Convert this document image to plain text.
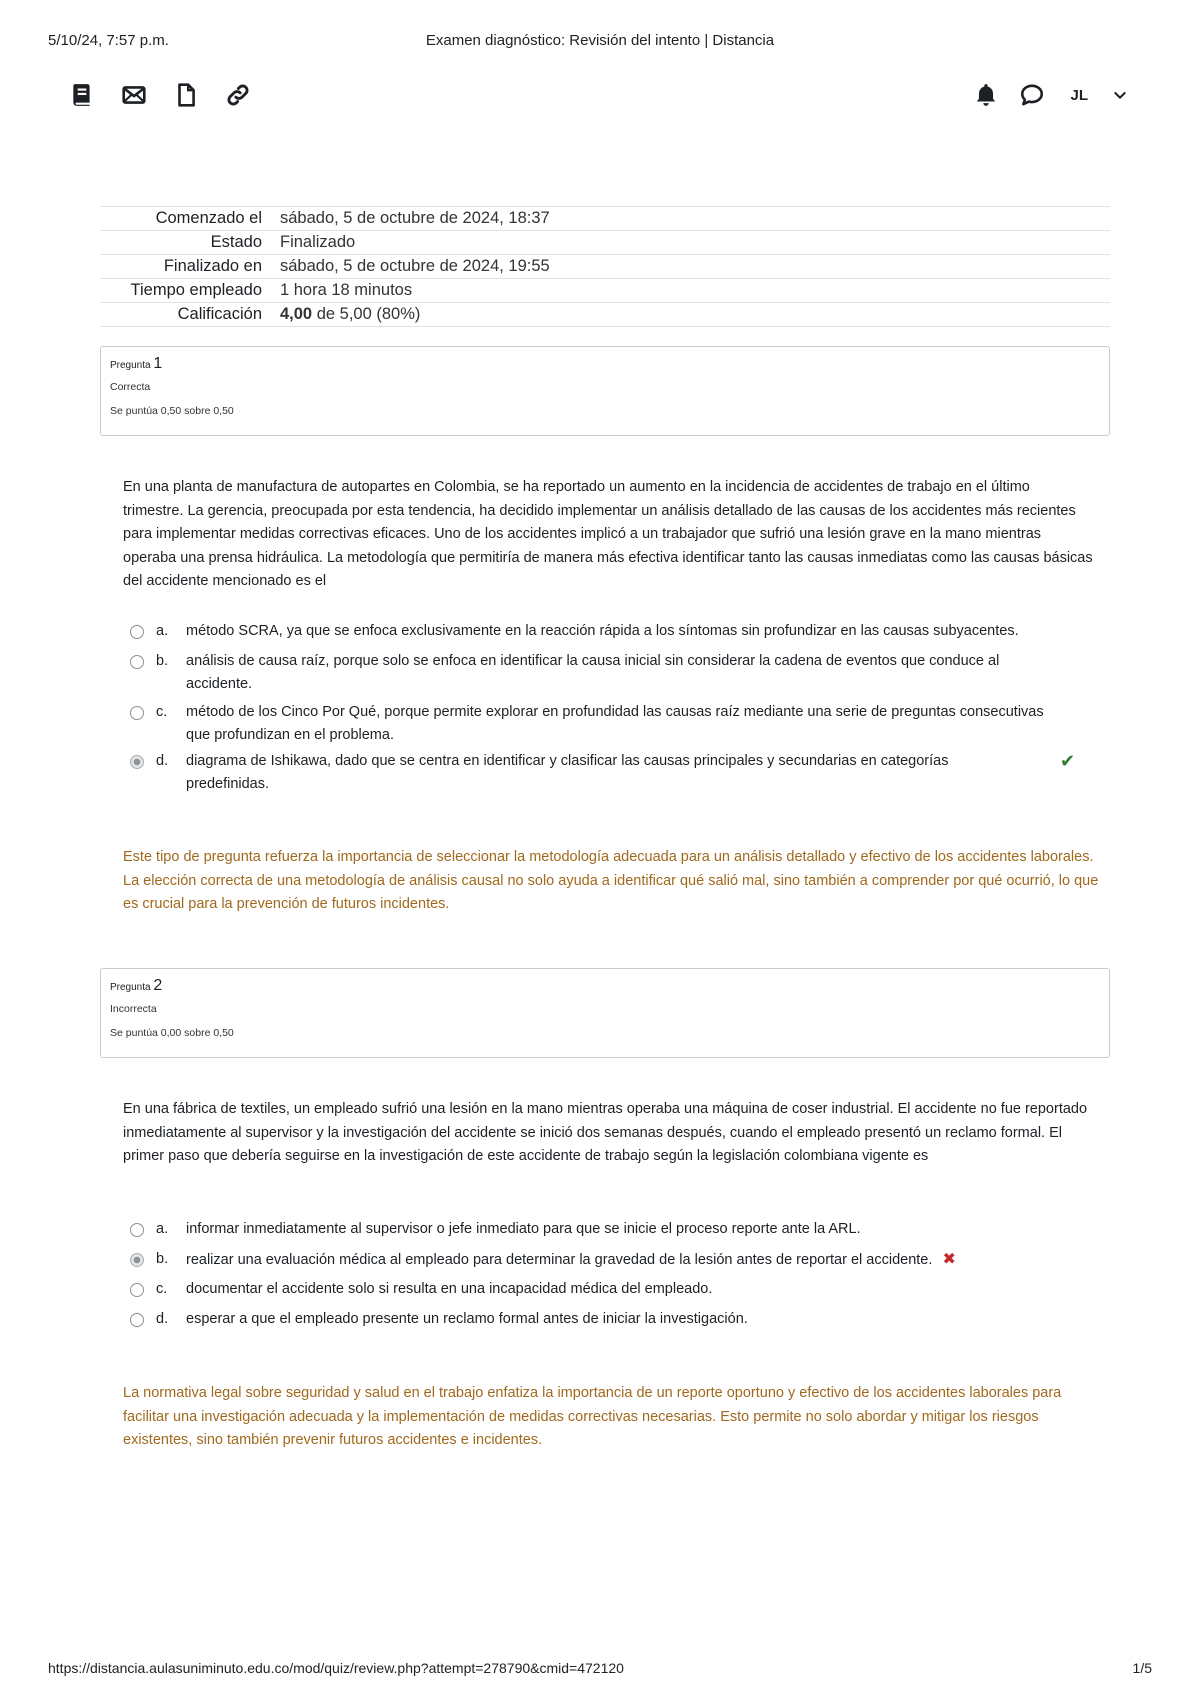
5/10/24, 7:57 p.m.	Examen diagnóstico: Revisión del intento | Distancia
JL
Comenzado el	sábado, 5 de octubre de 2024, 18:37
Estado	Finalizado
Finalizado en	sábado, 5 de octubre de 2024, 19:55
Tiempo empleado	1 hora 18 minutos
Calificación	4,00 de 5,00 (80%)
Pregunta 1
Correcta
Se puntúa 0,50 sobre 0,50
En una planta de manufactura de autopartes en Colombia, se ha reportado un aumento en la incidencia de accidentes de trabajo en el último trimestre. La gerencia, preocupada por esta tendencia, ha decidido implementar un análisis detallado de las causas de los accidentes más recientes para implementar medidas correctivas eficaces. Uno de los accidentes implicó a un trabajador que sufrió una lesión grave en la mano mientras operaba una prensa hidráulica. La metodología que permitiría de manera más efectiva identificar tanto las causas inmediatas como las causas básicas del accidente mencionado es el
a. método SCRA, ya que se enfoca exclusivamente en la reacción rápida a los síntomas sin profundizar en las causas subyacentes.
b. análisis de causa raíz, porque solo se enfoca en identificar la causa inicial sin considerar la cadena de eventos que conduce al accidente.
c. método de los Cinco Por Qué, porque permite explorar en profundidad las causas raíz mediante una serie de preguntas consecutivas que profundizan en el problema.
d. diagrama de Ishikawa, dado que se centra en identificar y clasificar las causas principales y secundarias en categorías predefinidas.
✔
Este tipo de pregunta refuerza la importancia de seleccionar la metodología adecuada para un análisis detallado y efectivo de los accidentes laborales. La elección correcta de una metodología de análisis causal no solo ayuda a identificar qué salió mal, sino también a comprender por qué ocurrió, lo que es crucial para la prevención de futuros incidentes.
Pregunta 2
Incorrecta
Se puntúa 0,00 sobre 0,50
En una fábrica de textiles, un empleado sufrió una lesión en la mano mientras operaba una máquina de coser industrial. El accidente no fue reportado inmediatamente al supervisor y la investigación del accidente se inició dos semanas después, cuando el empleado presentó un reclamo formal. El primer paso que debería seguirse en la investigación de este accidente de trabajo según la legislación colombiana vigente es
a. informar inmediatamente al supervisor o jefe inmediato para que se inicie el proceso reporte ante la ARL.
b. realizar una evaluación médica al empleado para determinar la gravedad de la lesión antes de reportar el accidente. ✖
c. documentar el accidente solo si resulta en una incapacidad médica del empleado.
d. esperar a que el empleado presente un reclamo formal antes de iniciar la investigación.
La normativa legal sobre seguridad y salud en el trabajo enfatiza la importancia de un reporte oportuno y efectivo de los accidentes laborales para facilitar una investigación adecuada y la implementación de medidas correctivas necesarias. Esto permite no solo abordar y mitigar los riesgos existentes, sino también prevenir futuros accidentes e incidentes.
https://distancia.aulasuniminuto.edu.co/mod/quiz/review.php?attempt=278790&cmid=472120	1/5
